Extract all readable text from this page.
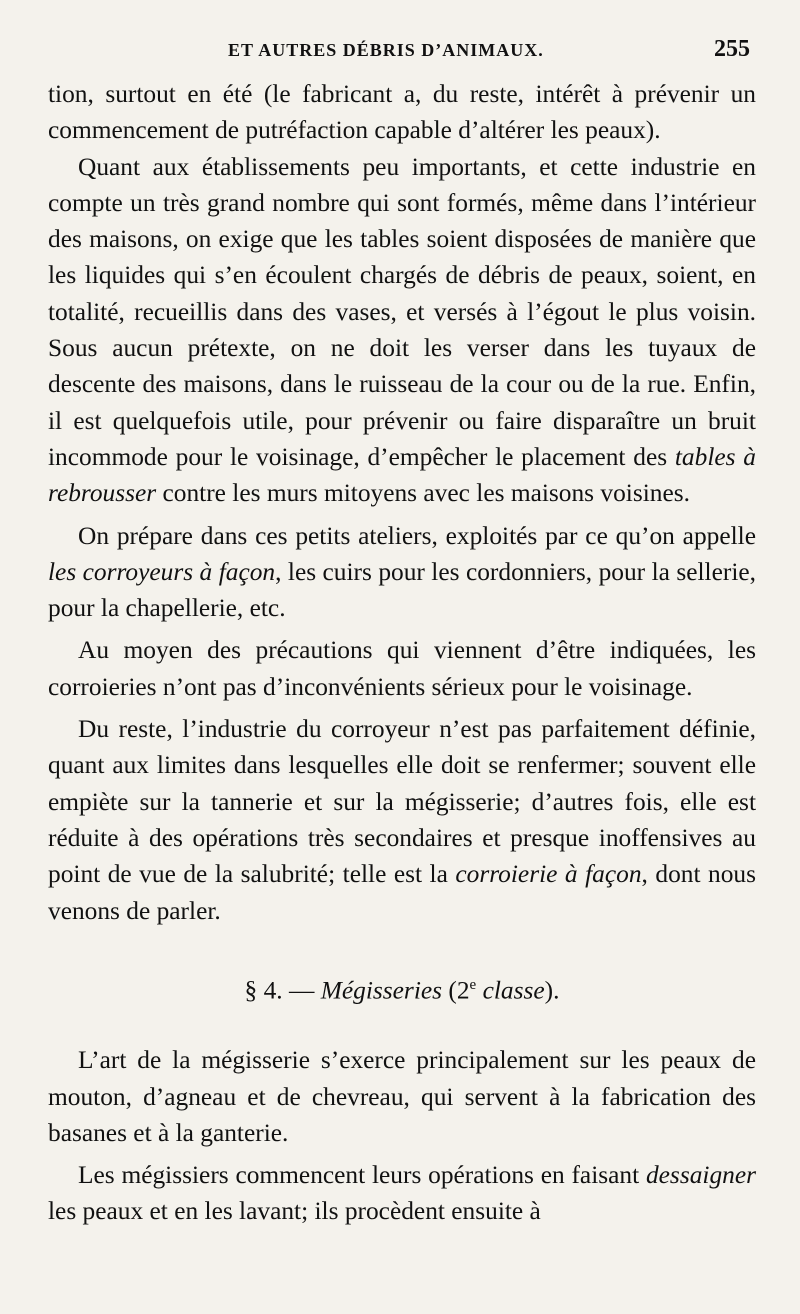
ET AUTRES DÉBRIS D’ANIMAUX.	255

tion, surtout en été (le fabricant a, du reste, intérêt à prévenir un commencement de putréfaction capable d’altérer les peaux).

Quant aux établissements peu importants, et cette industrie en compte un très grand nombre qui sont formés, même dans l’intérieur des maisons, on exige que les tables soient disposées de manière que les liquides qui s’en écoulent chargés de débris de peaux, soient, en totalité, recueillis dans des vases, et versés à l’égout le plus voisin. Sous aucun prétexte, on ne doit les verser dans les tuyaux de descente des maisons, dans le ruisseau de la cour ou de la rue. Enfin, il est quelquefois utile, pour prévenir ou faire disparaître un bruit incommode pour le voisinage, d’empêcher le placement des tables à rebrousser contre les murs mitoyens avec les maisons voisines.

On prépare dans ces petits ateliers, exploités par ce qu’on appelle les corroyeurs à façon, les cuirs pour les cordonniers, pour la sellerie, pour la chapellerie, etc.

Au moyen des précautions qui viennent d’être indiquées, les corroieries n’ont pas d’inconvénients sérieux pour le voisinage.

Du reste, l’industrie du corroyeur n’est pas parfaitement définie, quant aux limites dans lesquelles elle doit se renfermer; souvent elle empiète sur la tannerie et sur la mégisserie; d’autres fois, elle est réduite à des opérations très secondaires et presque inoffensives au point de vue de la salubrité; telle est la corroierie à façon, dont nous venons de parler.

§ 4. — Mégisseries (2e classe).

L’art de la mégisserie s’exerce principalement sur les peaux de mouton, d’agneau et de chevreau, qui servent à la fabrication des basanes et à la ganterie.

Les mégissiers commencent leurs opérations en faisant dessaigner les peaux et en les lavant; ils procèdent ensuite à
